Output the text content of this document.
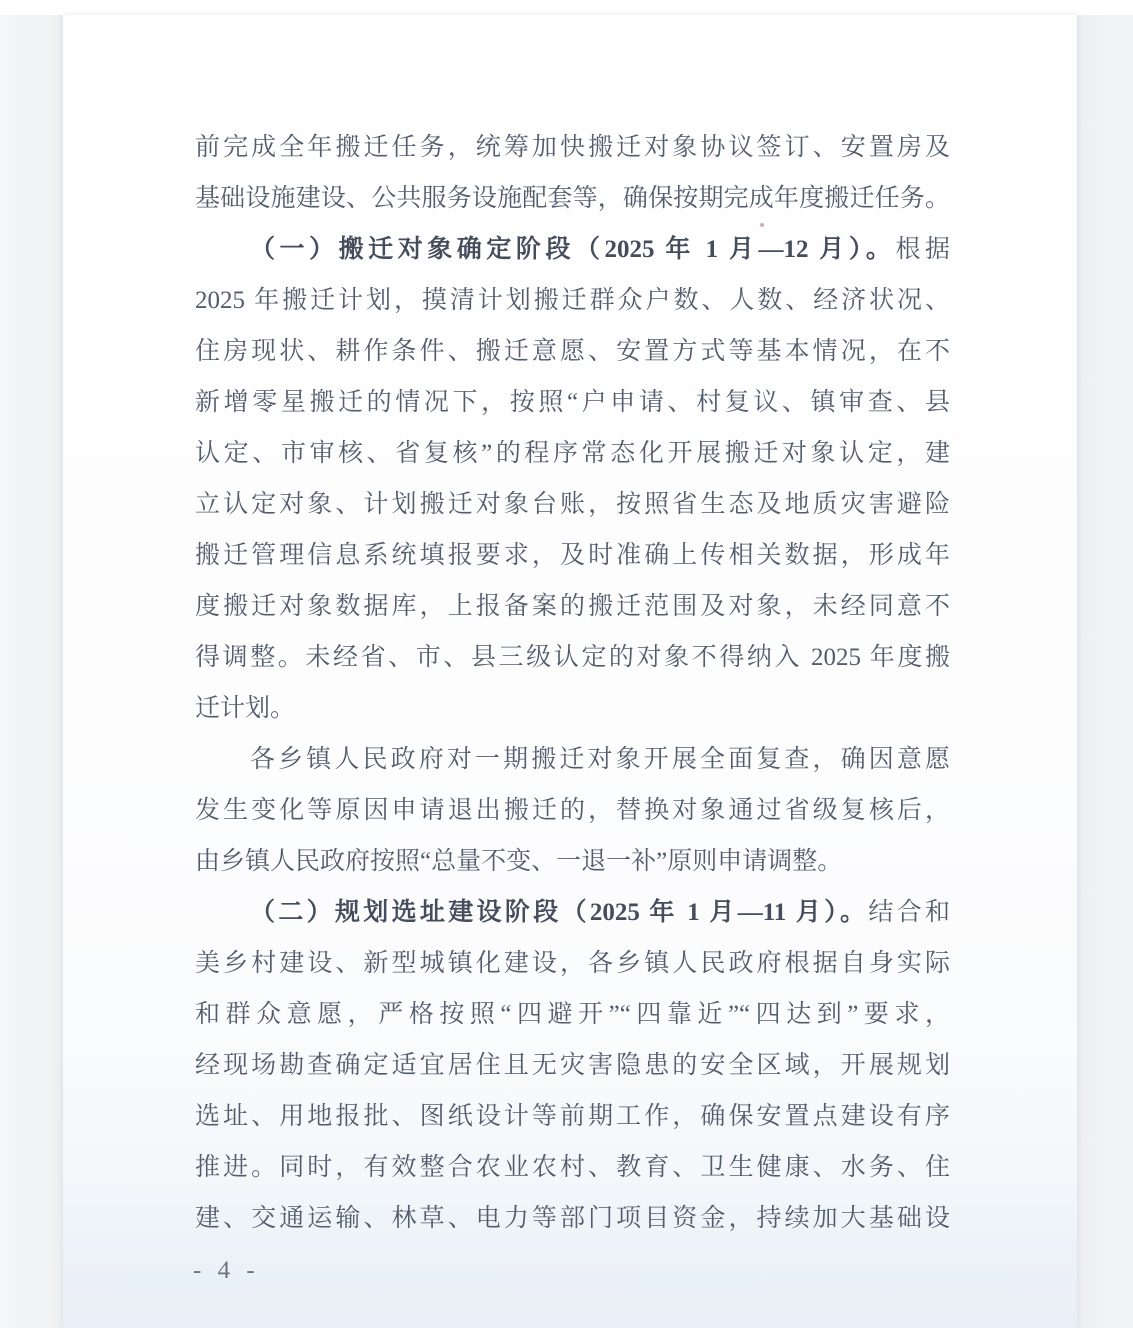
前完成全年搬迁任务，统筹加快搬迁对象协议签订、安置房及
基础设施建设、公共服务设施配套等，确保按期完成年度搬迁任务。
（一）搬迁对象确定阶段（2025 年 1 月—12 月）。根据
2025 年搬迁计划，摸清计划搬迁群众户数、人数、经济状况、
住房现状、耕作条件、搬迁意愿、安置方式等基本情况，在不
新增零星搬迁的情况下，按照“户申请、村复议、镇审查、县
认定、市审核、省复核”的程序常态化开展搬迁对象认定，建
立认定对象、计划搬迁对象台账，按照省生态及地质灾害避险
搬迁管理信息系统填报要求，及时准确上传相关数据，形成年
度搬迁对象数据库，上报备案的搬迁范围及对象，未经同意不
得调整。未经省、市、县三级认定的对象不得纳入 2025 年度搬
迁计划。
各乡镇人民政府对一期搬迁对象开展全面复查，确因意愿
发生变化等原因申请退出搬迁的，替换对象通过省级复核后，
由乡镇人民政府按照“总量不变、一退一补”原则申请调整。
（二）规划选址建设阶段（2025 年 1 月—11 月）。结合和
美乡村建设、新型城镇化建设，各乡镇人民政府根据自身实际
和群众意愿，严格按照“四避开”“四靠近”“四达到”要求，
经现场勘查确定适宜居住且无灾害隐患的安全区域，开展规划
选址、用地报批、图纸设计等前期工作，确保安置点建设有序
推进。同时，有效整合农业农村、教育、卫生健康、水务、住
建、交通运输、林草、电力等部门项目资金，持续加大基础设
- 4 -
